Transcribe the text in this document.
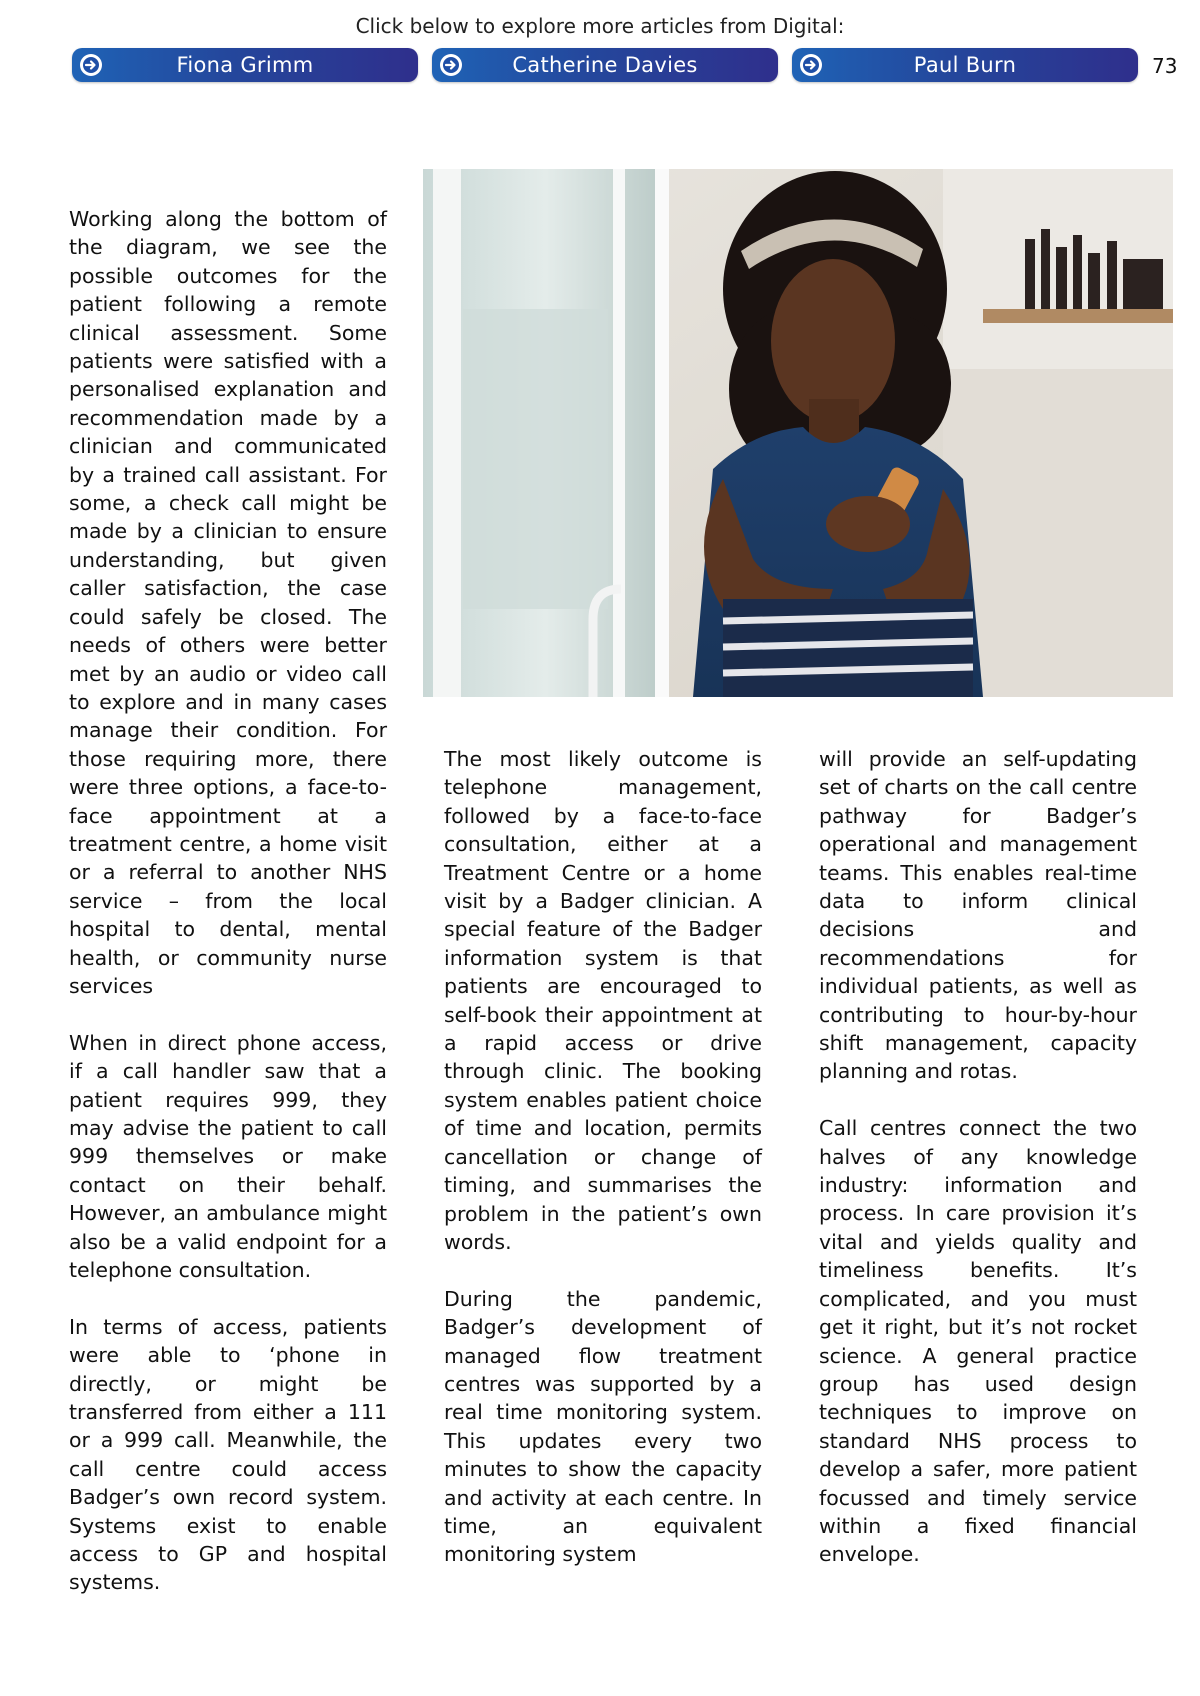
Click below to explore more articles from Digital:
Fiona Grimm	Catherine Davies	Paul Burn	73

Working along the bottom of the diagram, we see the possible outcomes for the patient following a remote clinical assessment. Some patients were satisfied with a personalised explanation and recommendation made by a clinician and communicated by a trained call assistant. For some, a check call might be made by a clinician to ensure understanding, but given caller satisfaction, the case could safely be closed. The needs of others were better met by an audio or video call to explore and in many cases manage their condition. For those requiring more, there were three options, a face-to-face appointment at a treatment centre, a home visit or a referral to another NHS service – from the local hospital to dental, mental health, or community nurse services

When in direct phone access, if a call handler saw that a patient requires 999, they may advise the patient to call 999 themselves or make contact on their behalf. However, an ambulance might also be a valid endpoint for a telephone consultation.

In terms of access, patients were able to ‘phone in directly, or might be transferred from either a 111 or a 999 call. Meanwhile, the call centre could access Badger’s own record system. Systems exist to enable access to GP and hospital systems.

The most likely outcome is telephone management, followed by a face-to-face consultation, either at a Treatment Centre or a home visit by a Badger clinician. A special feature of the Badger information system is that patients are encouraged to self-book their appointment at a rapid access or drive through clinic. The booking system enables patient choice of time and location, permits cancellation or change of timing, and summarises the problem in the patient’s own words.

During the pandemic, Badger’s development of managed flow treatment centres was supported by a real time monitoring system. This updates every two minutes to show the capacity and activity at each centre. In time, an equivalent monitoring system

will provide an self-updating set of charts on the call centre pathway for Badger’s operational and management teams. This enables real-time data to inform clinical decisions and recommendations for individual patients, as well as contributing to hour-by-hour shift management, capacity planning and rotas.

Call centres connect the two halves of any knowledge industry: information and process. In care provision it’s vital and yields quality and timeliness benefits. It’s complicated, and you must get it right, but it’s not rocket science. A general practice group has used design techniques to improve on standard NHS process to develop a safer, more patient focussed and timely service within a fixed financial envelope.
